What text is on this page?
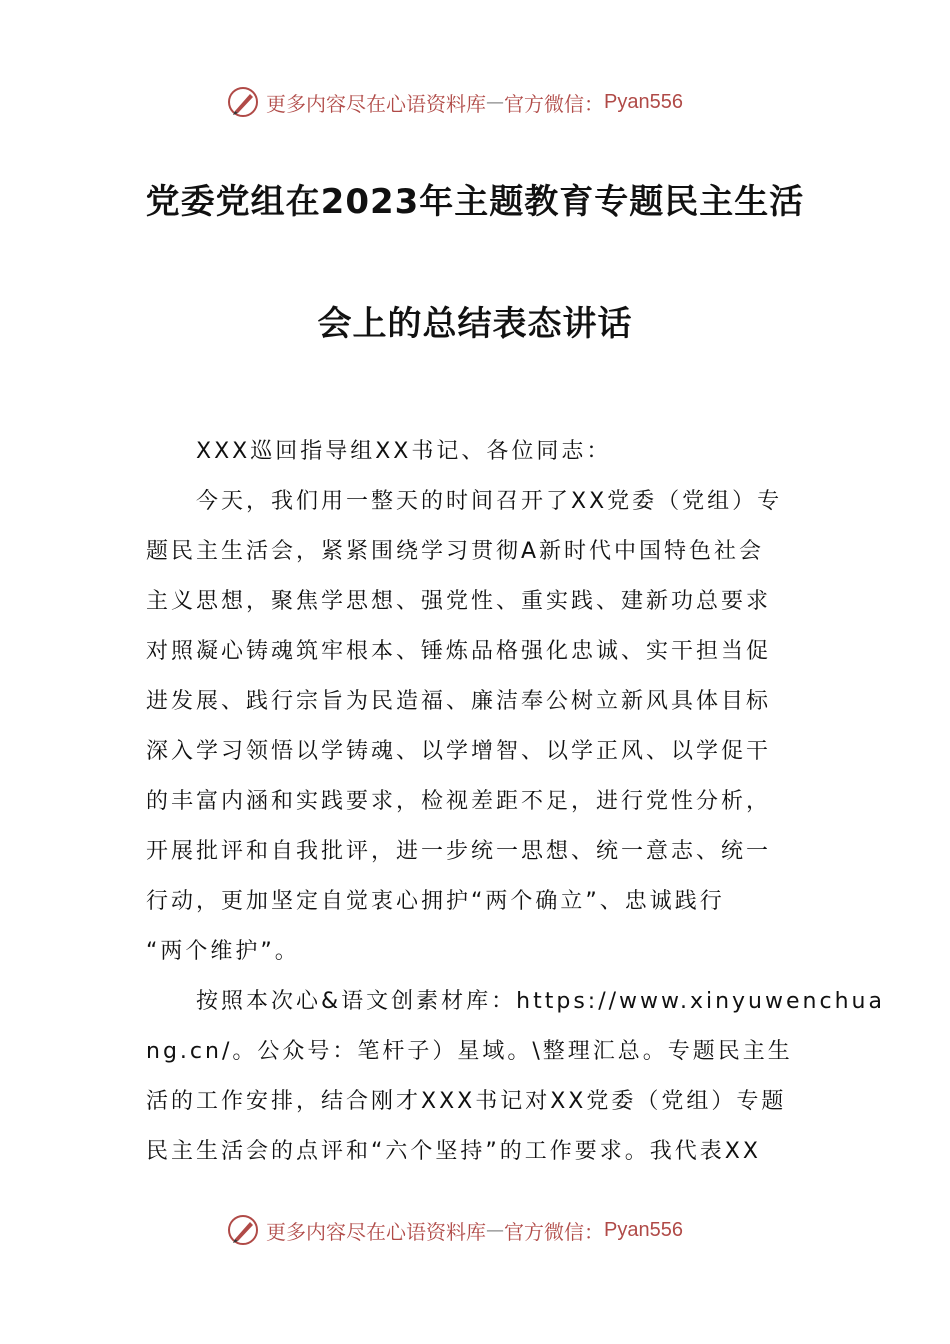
更多内容尽在心语资料库 — 官方微信： Pyan556
党委党组在2023年主题教育专题民主生活
会上的总结表态讲话
XXX巡回指导组XX书记、各位同志：
今天，我们用一整天的时间召开了XX党委（党组）专
题民主生活会，紧紧围绕学习贯彻A新时代中国特色社会
主义思想，聚焦学思想、强党性、重实践、建新功总要求
对照凝心铸魂筑牢根本、锤炼品格强化忠诚、实干担当促
进发展、践行宗旨为民造福、廉洁奉公树立新风具体目标
深入学习领悟以学铸魂、以学增智、以学正风、以学促干
的丰富内涵和实践要求，检视差距不足，进行党性分析，
开展批评和自我批评，进一步统一思想、统一意志、统一
行动，更加坚定自觉衷心拥护“两个确立”、忠诚践行
“两个维护”。
按照本次心&语文创素材库：https://www.xinyuwenchua
ng.cn/。公众号：笔杆子）星域。\整理汇总。专题民主生
活的工作安排，结合刚才XXX书记对XX党委（党组）专题
民主生活会的点评和“六个坚持”的工作要求。我代表XX
更多内容尽在心语资料库 — 官方微信： Pyan556
